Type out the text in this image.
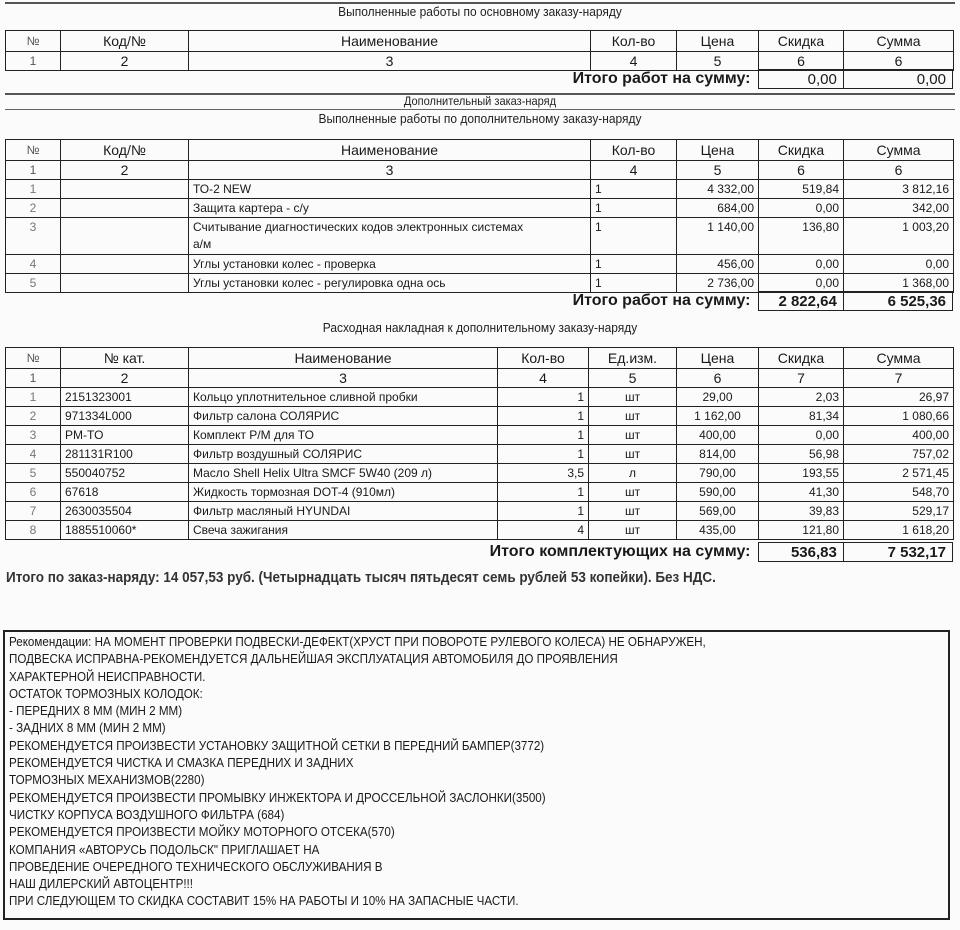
Выполненные работы по основному заказу-наряду
№	Код/№	Наименование	Кол-во	Цена	Скидка	Сумма
1	2	3	4	5	6	6
Итого работ на сумму:	0,00	0,00
Дополнительный заказ-наряд
Выполненные работы по дополнительному заказу-наряду
№	Код/№	Наименование	Кол-во	Цена	Скидка	Сумма
1	2	3	4	5	6	6
1		ТО-2 NEW	1	4 332,00	519,84	3 812,16
2		Защита картера - с/у	1	684,00	0,00	342,00
3		Считывание диагностических кодов электронных системах а/м	1	1 140,00	136,80	1 003,20
4		Углы установки колес - проверка	1	456,00	0,00	0,00
5		Углы установки колес - регулировка одна ось	1	2 736,00	0,00	1 368,00
Итого работ на сумму:	2 822,64	6 525,36
Расходная накладная к дополнительному заказу-наряду
№	№ кат.	Наименование	Кол-во	Ед.изм.	Цена	Скидка	Сумма
1	2	3	4	5	6	7	7
1	2151323001	Кольцо уплотнительное сливной пробки	1	шт	29,00	2,03	26,97
2	971334L000	Фильтр салона СОЛЯРИС	1	шт	1 162,00	81,34	1 080,66
3	PM-TO	Комплект Р/М для ТО	1	шт	400,00	0,00	400,00
4	281131R100	Фильтр воздушный СОЛЯРИС	1	шт	814,00	56,98	757,02
5	550040752	Масло Shell Helix Ultra SMCF 5W40 (209 л)	3,5	л	790,00	193,55	2 571,45
6	67618	Жидкость тормозная DOT-4 (910мл)	1	шт	590,00	41,30	548,70
7	2630035504	Фильтр масляный HYUNDAI	1	шт	569,00	39,83	529,17
8	1885510060*	Свеча зажигания	4	шт	435,00	121,80	1 618,20
Итого комплектующих на сумму:	536,83	7 532,17
Итого по заказ-наряду: 14 057,53 руб. (Четырнадцать тысяч пятьдесят семь рублей 53 копейки). Без НДС.
Рекомендации: НА МОМЕНТ ПРОВЕРКИ ПОДВЕСКИ-ДЕФЕКТ(ХРУСТ ПРИ ПОВОРОТЕ РУЛЕВОГО КОЛЕСА) НЕ ОБНАРУЖЕН,
ПОДВЕСКА ИСПРАВНА-РЕКОМЕНДУЕТСЯ ДАЛЬНЕЙШАЯ ЭКСПЛУАТАЦИЯ АВТОМОБИЛЯ ДО ПРОЯВЛЕНИЯ
ХАРАКТЕРНОЙ НЕИСПРАВНОСТИ.
ОСТАТОК ТОРМОЗНЫХ КОЛОДОК:
- ПЕРЕДНИХ 8 ММ (МИН 2 ММ)
- ЗАДНИХ 8 ММ (МИН 2 ММ)
РЕКОМЕНДУЕТСЯ ПРОИЗВЕСТИ УСТАНОВКУ ЗАЩИТНОЙ СЕТКИ В ПЕРЕДНИЙ БАМПЕР(3772)
РЕКОМЕНДУЕТСЯ ЧИСТКА И СМАЗКА ПЕРЕДНИХ И ЗАДНИХ
ТОРМОЗНЫХ МЕХАНИЗМОВ(2280)
РЕКОМЕНДУЕТСЯ ПРОИЗВЕСТИ ПРОМЫВКУ ИНЖЕКТОРА И ДРОССЕЛЬНОЙ ЗАСЛОНКИ(3500)
ЧИСТКУ КОРПУСА ВОЗДУШНОГО ФИЛЬТРА (684)
РЕКОМЕНДУЕТСЯ ПРОИЗВЕСТИ МОЙКУ МОТОРНОГО ОТСЕКА(570)
КОМПАНИЯ «АВТОРУСЬ ПОДОЛЬСК" ПРИГЛАШАЕТ НА
ПРОВЕДЕНИЕ ОЧЕРЕДНОГО ТЕХНИЧЕСКОГО ОБСЛУЖИВАНИЯ В
НАШ ДИЛЕРСКИЙ АВТОЦЕНТР!!!
ПРИ СЛЕДУЮЩЕМ ТО СКИДКА СОСТАВИТ 15% НА РАБОТЫ И 10% НА ЗАПАСНЫЕ ЧАСТИ.
